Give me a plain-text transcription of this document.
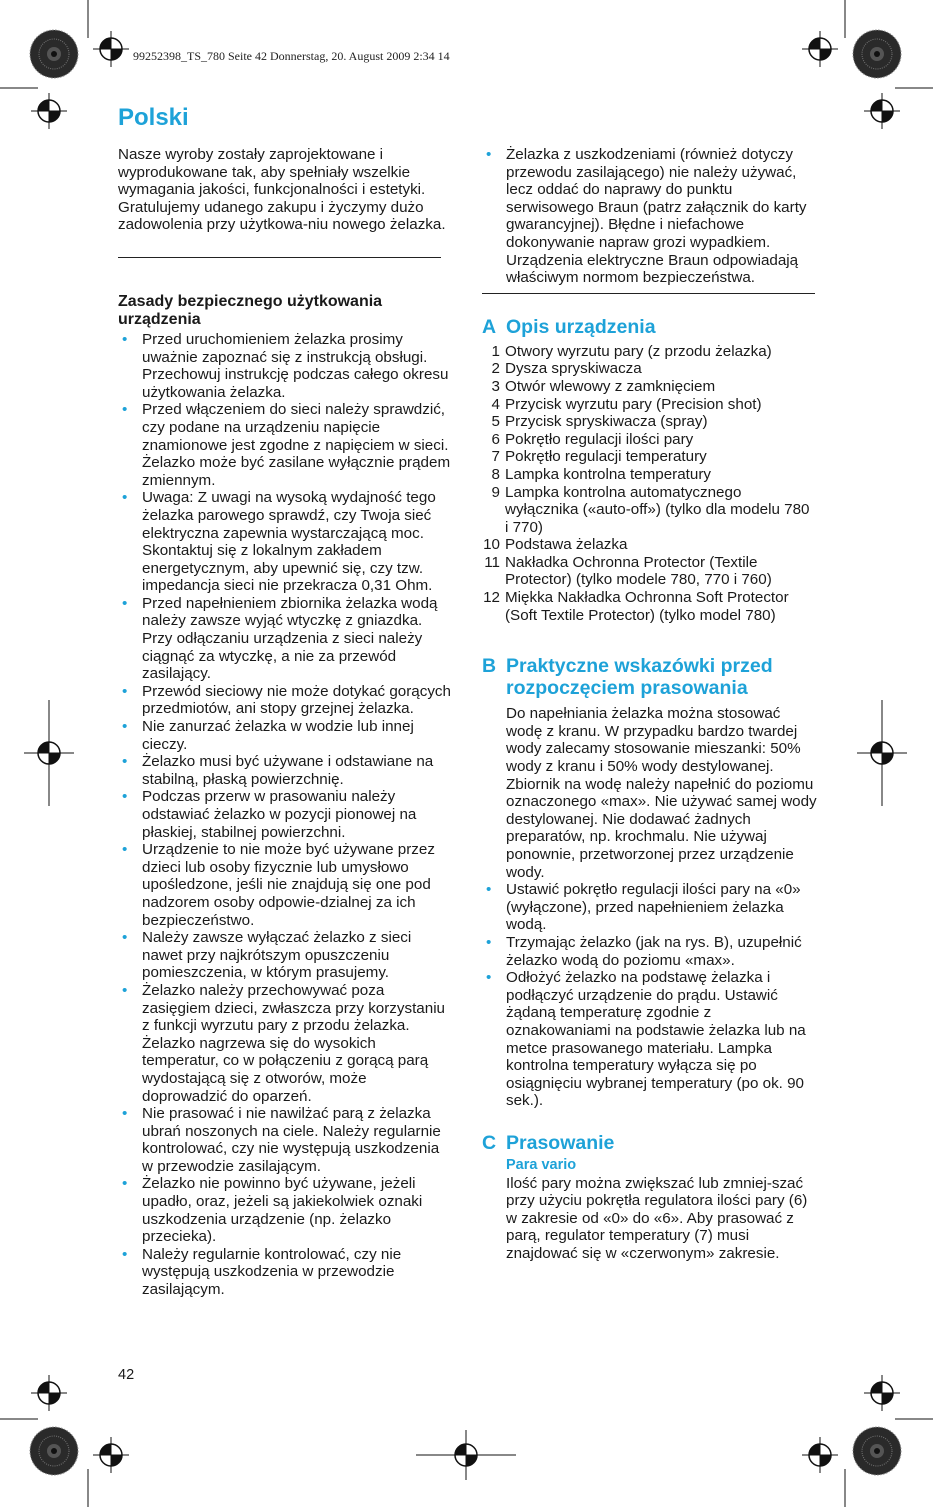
99252398_TS_780 Seite 42 Donnerstag, 20. August 2009 2:34 14
Polski

Nasze wyroby zostały zaprojektowane i wyprodukowane tak, aby spełniały wszelkie wymagania jakości, funkcjonalności i estetyki. Gratulujemy udanego zakupu i życzymy dużo zadowolenia przy użytkowa-niu nowego żelazka.

Zasady bezpiecznego użytkowania urządzenia
• Przed uruchomieniem żelazka prosimy uważnie zapoznać się z instrukcją obsługi. Przechowuj instrukcję podczas całego okresu użytkowania żelazka.
• Przed włączeniem do sieci należy sprawdzić, czy podane na urządzeniu napięcie znamionowe jest zgodne z napięciem w sieci. Żelazko może być zasilane wyłącznie prądem zmiennym.
• Uwaga: Z uwagi na wysoką wydajność tego żelazka parowego sprawdź, czy Twoja sieć elektryczna zapewnia wystarczającą moc. Skontaktuj się z lokalnym zakładem energetycznym, aby upewnić się, czy tzw. impedancja sieci nie przekracza 0,31 Ohm.
• Przed napełnieniem zbiornika żelazka wodą należy zawsze wyjąć wtyczkę z gniazdka. Przy odłączaniu urządzenia z sieci należy ciągnąć za wtyczkę, a nie za przewód zasilający.
• Przewód sieciowy nie może dotykać gorących przedmiotów, ani stopy grzejnej żelazka.
• Nie zanurzać żelazka w wodzie lub innej cieczy.
• Żelazko musi być używane i odstawiane na stabilną, płaską powierzchnię.
• Podczas przerw w prasowaniu należy odstawiać żelazko w pozycji pionowej na płaskiej, stabilnej powierzchni.
• Urządzenie to nie może być używane przez dzieci lub osoby fizycznie lub umysłowo upośledzone, jeśli nie znajdują się one pod nadzorem osoby odpowie-dzialnej za ich bezpieczeństwo.
• Należy zawsze wyłączać żelazko z sieci nawet przy najkrótszym opuszczeniu pomieszczenia, w którym prasujemy.
• Żelazko należy przechowywać poza zasięgiem dzieci, zwłaszcza przy korzystaniu z funkcji wyrzutu pary z przodu żelazka. Żelazko nagrzewa się do wysokich temperatur, co w połączeniu z gorącą parą wydostającą się z otworów, może doprowadzić do oparzeń.
• Nie prasować i nie nawilżać parą z żelazka ubrań noszonych na ciele. Należy regularnie kontrolować, czy nie występują uszkodzenia w przewodzie zasilającym.
• Żelazko nie powinno być używane, jeżeli upadło, oraz, jeżeli są jakiekolwiek oznaki uszkodzenia urządzenie (np. żelazko przecieka).
• Należy regularnie kontrolować, czy nie występują uszkodzenia w przewodzie zasilającym.
• Żelazka z uszkodzeniami (również dotyczy przewodu zasilającego) nie należy używać, lecz oddać do naprawy do punktu serwisowego Braun (patrz załącznik do karty gwarancyjnej). Błędne i niefachowe dokonywanie napraw grozi wypadkiem. Urządzenia elektryczne Braun odpowiadają właściwym normom bezpieczeństwa.
A Opis urządzenia
1 Otwory wyrzutu pary (z przodu żelazka)
2 Dysza spryskiwacza
3 Otwór wlewowy z zamknięciem
4 Przycisk wyrzutu pary (Precision shot)
5 Przycisk spryskiwacza (spray)
6 Pokrętło regulacji ilości pary
7 Pokrętło regulacji temperatury
8 Lampka kontrolna temperatury
9 Lampka kontrolna automatycznego wyłącznika («auto-off») (tylko dla modelu 780 i 770)
10 Podstawa żelazka
11 Nakładka Ochronna Protector (Textile Protector) (tylko modele 780, 770 i 760)
12 Miękka Nakładka Ochronna Soft Protector (Soft Textile Protector) (tylko model 780)
B Praktyczne wskazówki przed rozpoczęciem prasowania

Do napełniania żelazka można stosować wodę z kranu. W przypadku bardzo twardej wody zalecamy stosowanie mieszanki: 50% wody z kranu i 50% wody destylowanej. Zbiornik na wodę należy napełnić do poziomu oznaczonego «max». Nie używać samej wody destylowanej. Nie dodawać żadnych preparatów, np. krochmalu. Nie używaj ponownie, przetworzonej przez urządzenie wody.

• Ustawić pokrętło regulacji ilości pary na «0» (wyłączone), przed napełnieniem żelazka wodą.
• Trzymając żelazko (jak na rys. B), uzupełnić żelazko wodą do poziomu «max».
• Odłożyć żelazko na podstawę żelazka i podłączyć urządzenie do prądu. Ustawić żądaną temperaturę zgodnie z oznakowaniami na podstawie żelazka lub na metce prasowanego materiału. Lampka kontrolna temperatury wyłącza się po osiągnięciu wybranej temperatury (po ok. 90 sek.).
C Prasowanie
Para vario

Ilość pary można zwiększać lub zmniej-szać przy użyciu pokrętła regulatora ilości pary (6) w zakresie od «0» do «6». Aby prasować z parą, regulator temperatury (7) musi znajdować się w «czerwonym» zakresie.

42
